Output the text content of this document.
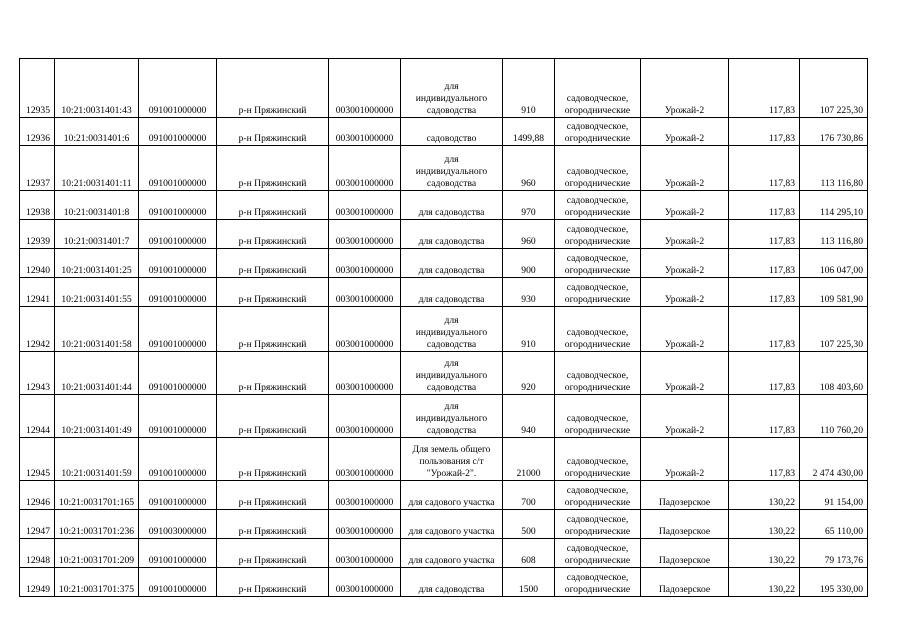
12935	10:21:0031401:43	091001000000	р-н Пряжинский	003001000000	для
индивидуального
садоводства	910	садоводческое,
огороднические	Урожай-2	117,83	107 225,30
12936	10:21:0031401:6	091001000000	р-н Пряжинский	003001000000	садоводство	1499,88	садоводческое,
огороднические	Урожай-2	117,83	176 730,86
12937	10:21:0031401:11	091001000000	р-н Пряжинский	003001000000	для
индивидуального
садоводства	960	садоводческое,
огороднические	Урожай-2	117,83	113 116,80
12938	10:21:0031401:8	091001000000	р-н Пряжинский	003001000000	для садоводства	970	садоводческое,
огороднические	Урожай-2	117,83	114 295,10
12939	10:21:0031401:7	091001000000	р-н Пряжинский	003001000000	для садоводства	960	садоводческое,
огороднические	Урожай-2	117,83	113 116,80
12940	10:21:0031401:25	091001000000	р-н Пряжинский	003001000000	для садоводства	900	садоводческое,
огороднические	Урожай-2	117,83	106 047,00
12941	10:21:0031401:55	091001000000	р-н Пряжинский	003001000000	для садоводства	930	садоводческое,
огороднические	Урожай-2	117,83	109 581,90
12942	10:21:0031401:58	091001000000	р-н Пряжинский	003001000000	для
индивидуального
садоводства	910	садоводческое,
огороднические	Урожай-2	117,83	107 225,30
12943	10:21:0031401:44	091001000000	р-н Пряжинский	003001000000	для
индивидуального
садоводства	920	садоводческое,
огороднические	Урожай-2	117,83	108 403,60
12944	10:21:0031401:49	091001000000	р-н Пряжинский	003001000000	для
индивидуального
садоводства	940	садоводческое,
огороднические	Урожай-2	117,83	110 760,20
12945	10:21:0031401:59	091001000000	р-н Пряжинский	003001000000	Для земель общего
пользования с/т
"Урожай-2".	21000	садоводческое,
огороднические	Урожай-2	117,83	2 474 430,00
12946	10:21:0031701:165	091001000000	р-н Пряжинский	003001000000	для садового участка	700	садоводческое,
огороднические	Падозерское	130,22	91 154,00
12947	10:21:0031701:236	091003000000	р-н Пряжинский	003001000000	для садового участка	500	садоводческое,
огороднические	Падозерское	130,22	65 110,00
12948	10:21:0031701:209	091001000000	р-н Пряжинский	003001000000	для садового участка	608	садоводческое,
огороднические	Падозерское	130,22	79 173,76
12949	10:21:0031701:375	091001000000	р-н Пряжинский	003001000000	для садоводства	1500	садоводческое,
огороднические	Падозерское	130,22	195 330,00
